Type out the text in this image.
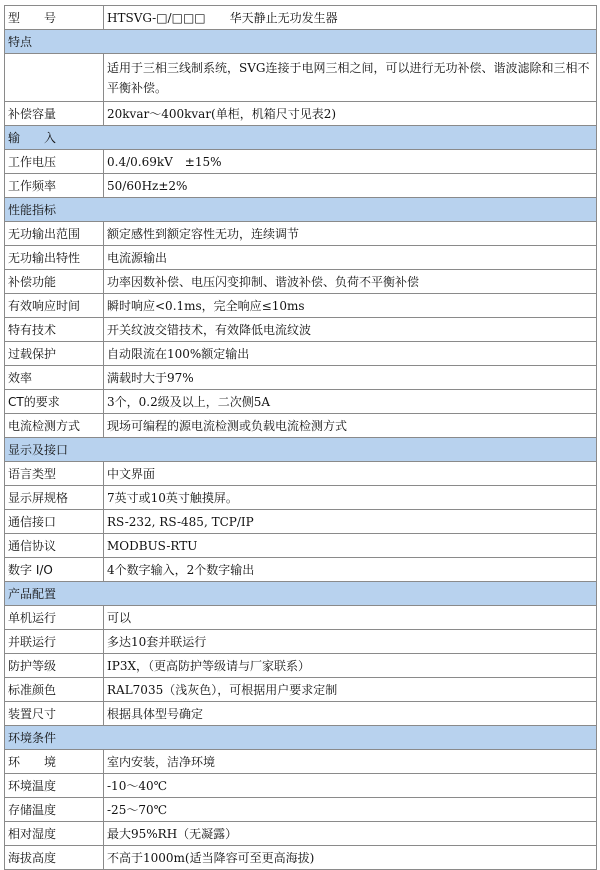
型　　号	HTSVG-□/□□□　　华天静止无功发生器
特点	
	适用于三相三线制系统，SVG连接于电网三相之间，可以进行无功补偿、谐波滤除和三相不平衡补偿。
补偿容量	20kvar～400kvar(单柜，机箱尺寸见表2)
输　　入	
工作电压	0.4/0.69kV　±15%
工作频率	50/60Hz±2%
性能指标	
无功输出范围	额定感性到额定容性无功，连续调节
无功输出特性	电流源输出
补偿功能	功率因数补偿、电压闪变抑制、谐波补偿、负荷不平衡补偿
有效响应时间	瞬时响应<0.1ms，完全响应≤10ms
特有技术	开关纹波交错技术，有效降低电流纹波
过载保护	自动限流在100%额定输出
效率	满载时大于97%
CT的要求	3个，0.2级及以上，二次侧5A
电流检测方式	现场可编程的源电流检测或负载电流检测方式
显示及接口	
语言类型	中文界面
显示屏规格	7英寸或10英寸触摸屏。
通信接口	RS-232, RS-485, TCP/IP
通信协议	MODBUS-RTU
数字 I/O	4个数字输入，2个数字输出
产品配置	
单机运行	可以
并联运行	多达10套并联运行
防护等级	IP3X，（更高防护等级请与厂家联系）
标准颜色	RAL7035（浅灰色），可根据用户要求定制
装置尺寸	根据具体型号确定
环境条件	
环　　境	室内安装，洁净环境
环境温度	-10～40℃
存储温度	-25～70℃
相对湿度	最大95%RH（无凝露）
海拔高度	不高于1000m(适当降容可至更高海拔)
